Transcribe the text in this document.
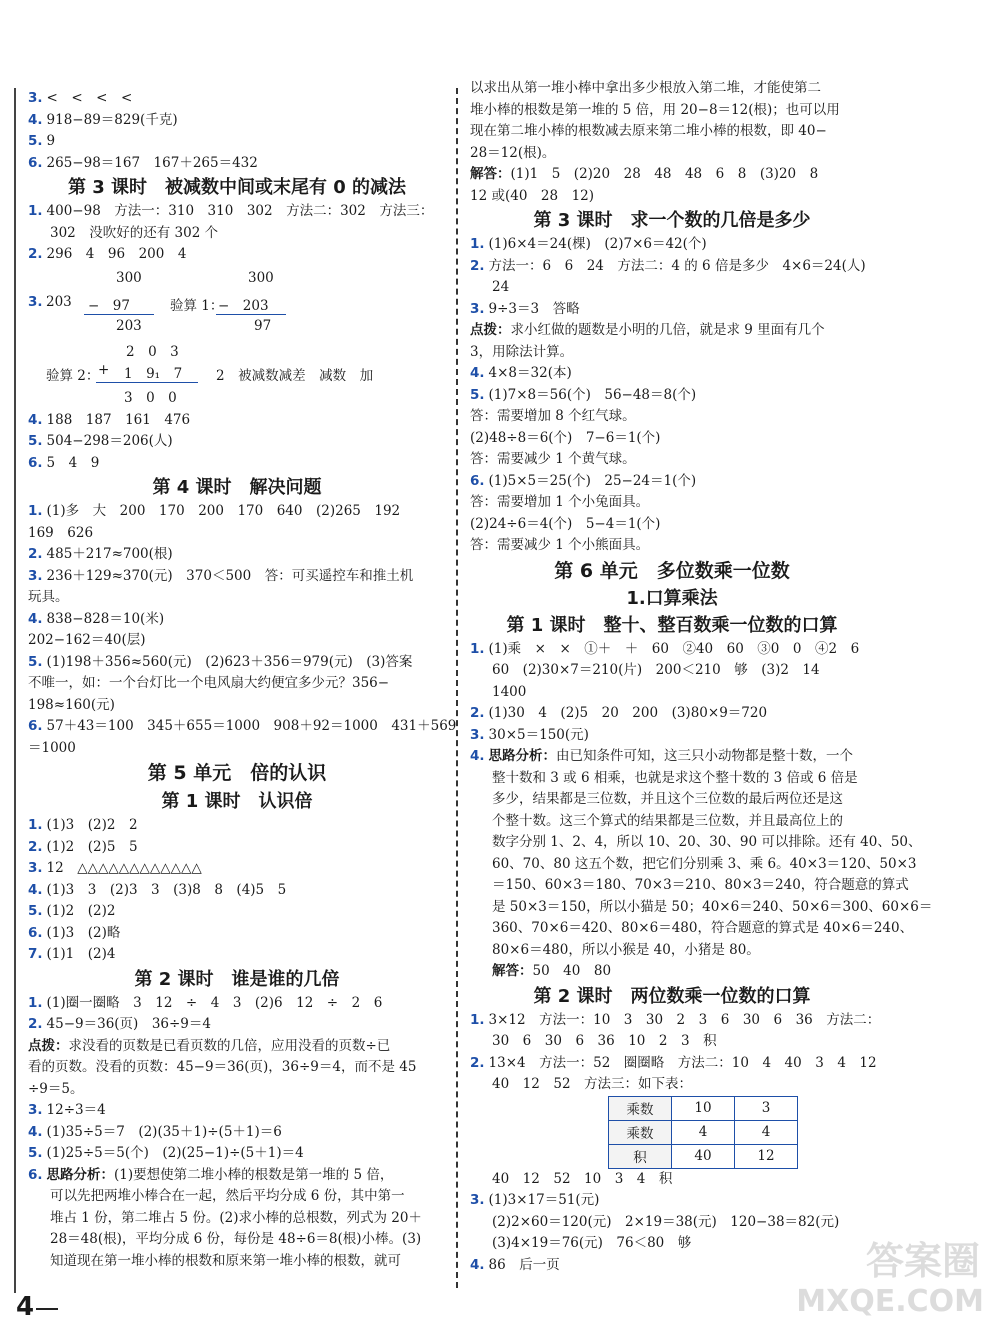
3. <　<　<　<
4. 918−89＝829(千克)
5. 9
6. 265−98＝167　167＋265＝432
第 3 课时　被减数中间或末尾有 0 的减法
1. 400−98　方法一：310　310　302　方法二：302　方法三：
302　没吹好的还有 302 个
2. 296　4　96　200　4
3. 203
300
−　97
203
验算 1：
300
−　203
97
验算 2：
2　0　3
+ 1　9₁　7
3　0　0
2　被减数减差　减数　加
4. 188　187　161　476
5. 504−298＝206(人)
6. 5　4　9
第 4 课时　解决问题
1. (1)多　大　200　170　200　170　640　(2)265　192
169　626
2. 485＋217≈700(根)
3. 236＋129≈370(元)　370＜500　答：可买遥控车和推土机
玩具。
4. 838−828＝10(米)
202−162＝40(层)
5. (1)198＋356≈560(元)　(2)623＋356＝979(元)　(3)答案
不唯一，如：一个台灯比一个电风扇大约便宜多少元？356−
198≈160(元)
6. 57＋43＝100　345＋655＝1000　908＋92＝1000　431＋569
＝1000
第 5 单元　倍的认识
第 1 课时　认识倍
1. (1)3　(2)2　2
2. (1)2　(2)5　5
3. 12　△△△△△△△△△△△△
4. (1)3　3　(2)3　3　(3)8　8　(4)5　5
5. (1)2　(2)2
6. (1)3　(2)略
7. (1)1　(2)4
第 2 课时　谁是谁的几倍
1. (1)圈一圈略　3　12　÷　4　3　(2)6　12　÷　2　6
2. 45−9＝36(页)　36÷9＝4
点拨：求没看的页数是已看页数的几倍，应用没看的页数÷已
看的页数。没看的页数：45−9＝36(页)，36÷9＝4，而不是 45
÷9＝5。
3. 12÷3＝4
4. (1)35÷5＝7　(2)(35＋1)÷(5＋1)＝6
5. (1)25÷5＝5(个)　(2)(25−1)÷(5＋1)＝4
6. 思路分析：(1)要想使第二堆小棒的根数是第一堆的 5 倍，
可以先把两堆小棒合在一起，然后平均分成 6 份，其中第一
堆占 1 份，第二堆占 5 份。(2)求小棒的总根数，列式为 20＋
28＝48(根)，平均分成 6 份，每份是 48÷6＝8(根)小棒。(3)
知道现在第一堆小棒的根数和原来第一堆小棒的根数，就可
以求出从第一堆小棒中拿出多少根放入第二堆，才能使第二
堆小棒的根数是第一堆的 5 倍，用 20−8＝12(根)；也可以用
现在第二堆小棒的根数减去原来第二堆小棒的根数，即 40−
28＝12(根)。
解答：(1)1　5　(2)20　28　48　48　6　8　(3)20　8
12 或(40　28　12)
第 3 课时　求一个数的几倍是多少
1. (1)6×4＝24(棵)　(2)7×6＝42(个)
2. 方法一：6　6　24　方法二：4 的 6 倍是多少　4×6＝24(人)
24
3. 9÷3＝3　答略
点拨：求小红做的题数是小明的几倍，就是求 9 里面有几个
3，用除法计算。
4. 4×8＝32(本)
5. (1)7×8＝56(个)　56−48＝8(个)
答：需要增加 8 个红气球。
(2)48÷8＝6(个)　7−6＝1(个)
答：需要减少 1 个黄气球。
6. (1)5×5＝25(个)　25−24＝1(个)
答：需要增加 1 个小兔面具。
(2)24÷6＝4(个)　5−4＝1(个)
答：需要减少 1 个小熊面具。
第 6 单元　多位数乘一位数
1.口算乘法
第 1 课时　整十、整百数乘一位数的口算
1. (1)乘　×　×　①＋　＋　60　②40　60　③0　0　④2　6
60　(2)30×7＝210(片)　200＜210　够　(3)2　14
1400
2. (1)30　4　(2)5　20　200　(3)80×9＝720
3. 30×5＝150(元)
4. 思路分析：由已知条件可知，这三只小动物都是整十数，一个
整十数和 3 或 6 相乘，也就是求这个整十数的 3 倍或 6 倍是
多少，结果都是三位数，并且这个三位数的最后两位还是这
个整十数。这三个算式的结果都是三位数，并且最高位上的
数字分别 1、2、4，所以 10、20、30、90 可以排除。还有 40、50、
60、70、80 这五个数，把它们分别乘 3、乘 6。40×3＝120、50×3
＝150、60×3＝180、70×3＝210、80×3＝240，符合题意的算式
是 50×3＝150，所以小猫是 50；40×6＝240、50×6＝300、60×6＝
360、70×6＝420、80×6＝480，符合题意的算式是 40×6＝240、
80×6＝480，所以小猴是 40，小猪是 80。
解答：50　40　80
第 2 课时　两位数乘一位数的口算
1. 3×12　方法一：10　3　30　2　3　6　30　6　36　方法二：
30　6　30　6　36　10　2　3　积
2. 13×4　方法一：52　圈圈略　方法二：10　4　40　3　4　12
40　12　52　方法三：如下表：
乘数	10	3
乘数	4	4
积	40	12
40　12　52　10　3　4　积
3. (1)3×17＝51(元)
(2)2×60＝120(元)　2×19＝38(元)　120−38＝82(元)
(3)4×19＝76(元)　76＜80　够
4. 86　后一页
4
答案圈
MXQE.COM
